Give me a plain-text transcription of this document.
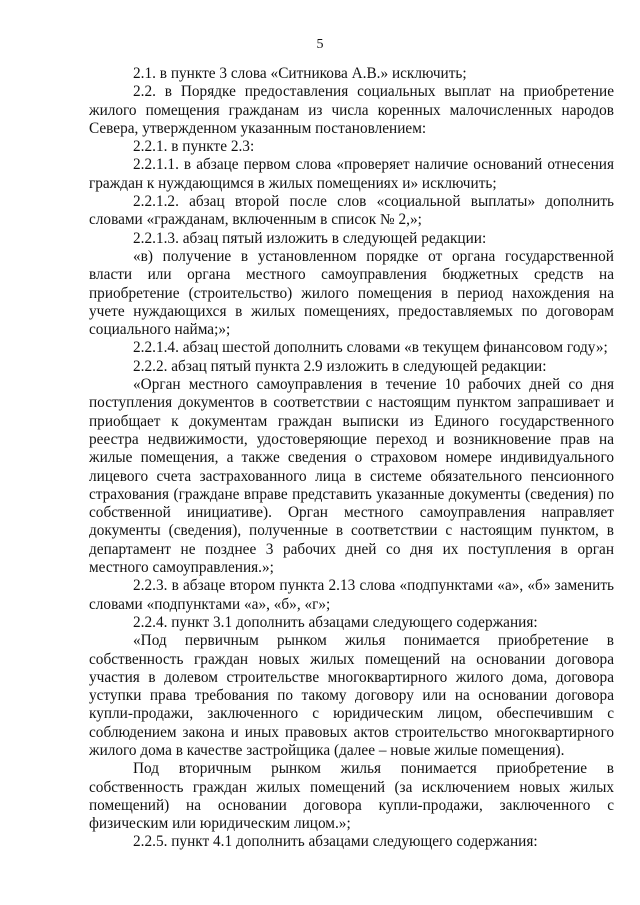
5

2.1. в пункте 3 слова «Ситникова А.В.» исключить;

2.2. в Порядке предоставления социальных выплат на приобретение жилого помещения гражданам из числа коренных малочисленных народов Севера, утвержденном указанным постановлением:

2.2.1. в пункте 2.3:

2.2.1.1. в абзаце первом слова «проверяет наличие оснований отнесения граждан к нуждающимся в жилых помещениях и» исключить;

2.2.1.2. абзац второй после слов «социальной выплаты» дополнить словами «гражданам, включенным в список № 2,»;

2.2.1.3. абзац пятый изложить в следующей редакции:

«в) получение в установленном порядке от органа государственной власти или органа местного самоуправления бюджетных средств на приобретение (строительство) жилого помещения в период нахождения на учете нуждающихся в жилых помещениях, предоставляемых по договорам социального найма;»;

2.2.1.4. абзац шестой дополнить словами «в текущем финансовом году»;

2.2.2. абзац пятый пункта 2.9 изложить в следующей редакции:

«Орган местного самоуправления в течение 10 рабочих дней со дня поступления документов в соответствии с настоящим пунктом запрашивает и приобщает к документам граждан выписки из Единого государственного реестра недвижимости, удостоверяющие переход и возникновение прав на жилые помещения, а также сведения о страховом номере индивидуального лицевого счета застрахованного лица в системе обязательного пенсионного страхования (граждане вправе представить указанные документы (сведения) по собственной инициативе). Орган местного самоуправления направляет документы (сведения), полученные в соответствии с настоящим пунктом, в департамент не позднее 3 рабочих дней со дня их поступления в орган местного самоуправления.»;

2.2.3. в абзаце втором пункта 2.13 слова «подпунктами «а», «б» заменить словами «подпунктами «а», «б», «г»;

2.2.4. пункт 3.1 дополнить абзацами следующего содержания:

«Под первичным рынком жилья понимается приобретение в собственность граждан новых жилых помещений на основании договора участия в долевом строительстве многоквартирного жилого дома, договора уступки права требования по такому договору или на основании договора купли-продажи, заключенного с юридическим лицом, обеспечившим с соблюдением закона и иных правовых актов строительство многоквартирного жилого дома в качестве застройщика (далее – новые жилые помещения).

Под вторичным рынком жилья понимается приобретение в собственность граждан жилых помещений (за исключением новых жилых помещений) на основании договора купли-продажи, заключенного с физическим или юридическим лицом.»;

2.2.5. пункт 4.1 дополнить абзацами следующего содержания:
